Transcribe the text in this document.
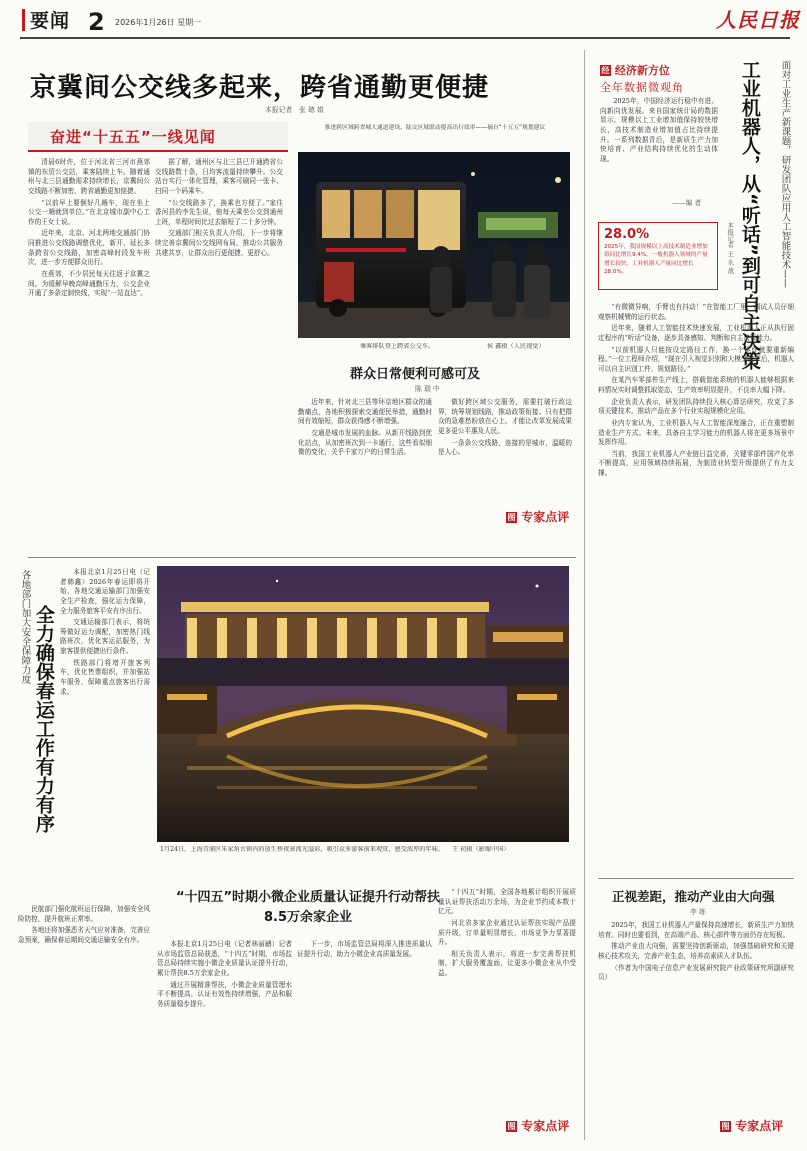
要闻 2 2026年1月26日 星期一	人民日报
京冀间公交线多起来，跨省通勤更便捷
本报记者　张 璁 娟
奋进“十五五”一线见闻

清晨6时许，位于河北省三河市燕郊镇的东贸公交站，乘客陆续上车。随着通州与北三县通勤需求持续增长，京冀间公交线路不断加密，跨省通勤更加便捷。

“以前早上要倒好几趟车，现在坐上公交一趟就到单位。”在北京城市副中心工作的王女士说。

近年来，北京、河北两地交通部门协同推进公交线路调整优化，新开、延长多条跨省公交线路，加密高峰时段发车班次，进一步方便群众出行。

在燕郊，不少居民每天往返于京冀之间。为缓解早晚高峰通勤压力，公交企业开通了多条定制快线，实现“一站直达”。

据了解，通州区与北三县已开通跨省公交线路数十条，日均客流量持续攀升。公交站台实行一体化管理，乘客可刷同一张卡、扫同一个码乘车。

“公交线路多了，换乘也方便了。”家住香河县的李先生说，他每天乘坐公交到通州上班，单程时间比过去缩短了二十多分钟。

交通部门相关负责人介绍，下一步将继续完善京冀间公交线网布局，推动公共服务共建共享，让群众出行更便捷、更舒心。

推进跨区域跨省城大通道建设，陆交区域联动提高出行效率——摘自“十五五”规划建议
乘客排队登上跨省公交车。	侯 鑫摄（人民视觉）
群众日常便利可感可及
陈 瑞 中

近年来，针对北三县等环京地区群众的通勤痛点，各地积极探索交通便民举措，通勤时间有效缩短，群众获得感不断增强。

交通是城市发展的血脉。从新开线路到优化站点，从加密班次到一卡通行，这些看似细微的变化，关乎千家万户的日常生活。

做好跨区域公交服务，需要打破行政边界，统筹规划线路，推动政策衔接。只有把群众的急难愁盼放在心上，才能让改革发展成果更多更公平惠及人民。

一条条公交线路，连接的是城市，温暖的是人心。

图 专家点评
经 经济新方位
全年数据微观角

2025年，中国经济运行稳中有进、向新向优发展。来自国家统计局的数据显示，规模以上工业增加值保持较快增长，高技术制造业增加值占比持续提升。一系列数据背后，是新质生产力加快培育、产业结构持续优化的生动体现。

——编 者
28.0%
2025年，我国规模以上高技术制造业增加值同比增长9.4%，一般机器人领域的产量增长较快，工业机器人产量同比增长28.0%。	工业机器人，从“听话”到可自主决策 面对工业生产新课题，研发团队应用人工智能技术——
本报记者 王 永 战

“有微微异响，手臂也有抖动！”在智能工厂里，调试人员仔细观察机械臂的运行状态。

近年来，随着人工智能技术快速发展，工业机器人正从执行固定程序的“听话”设备，逐步具备感知、判断和自主决策能力。

“以前机器人只能按设定路径工作，换一个零件就要重新编程。”一位工程师介绍，“现在引入视觉识别和大模型技术后，机器人可以自主识别工件、规划路径。”

在某汽车零部件生产线上，搭载智能系统的机器人能够根据来料情况实时调整抓取姿态，生产效率明显提升，不良率大幅下降。

企业负责人表示，研发团队持续投入核心算法研究，攻克了多项关键技术，推动产品在多个行业实现规模化应用。

业内专家认为，工业机器人与人工智能深度融合，正在重塑制造业生产方式。未来，具备自主学习能力的机器人将在更多场景中发挥作用。

当前，我国工业机器人产业链日益完善，关键零部件国产化率不断提高，应用领域持续拓展，为制造业转型升级提供了有力支撑。

正视差距，推动产业由大向强
李 练

2025年，我国工业机器人产量保持高速增长，新质生产力加快培育。同时也要看到，在高端产品、核心部件等方面仍存在短板。

推动产业由大向强，需要坚持创新驱动，加强基础研究和关键核心技术攻关，完善产业生态，培养高素质人才队伍。

（作者为中国电子信息产业发展研究院产业政策研究所副研究员）

图 专家点评
各地部门加大安全保障力度 全力确保春运工作有力有序

本报北京1月25日电（记者韩鑫）2026年春运即将开始，各地交通运输部门加强安全生产检查，强化运力保障，全力服务旅客平安有序出行。

交通运输部门表示，将统筹做好运力调配，加密热门线路班次，优化客运站服务，为旅客提供便捷出行条件。

铁路部门将增开旅客列车，优化售票组织，并加强站车服务，保障重点旅客出行需求。

民航部门强化航班运行保障，加强安全风险防控，提升航班正常率。

各地还将加强恶劣天气应对准备，完善应急预案，确保春运期间交通运输安全有序。

1月24日，上海青浦区朱家角古镇内的放生桥夜景流光溢彩，吸引众多游客前来观赏，感受浓厚的年味。 王 初摄（影像中国）
“十四五”时期小微企业质量认证提升行动帮扶8.5万余家企业

本报北京1月25日电（记者林丽鹂）记者从市场监管总局获悉，“十四五”时期，市场监管总局持续实施小微企业质量认证提升行动，累计帮扶8.5万余家企业。

通过开展精准帮扶，小微企业质量管理水平不断提高，认证有效性持续增强，产品和服务质量稳步提升。

下一步，市场监管总局将深入推进质量认证提升行动，助力小微企业高质量发展。

“十四五”时期，全国各地累计组织开展质量认证帮扶活动万余场，为企业节约成本数十亿元。

河北省多家企业通过认证帮扶实现产品提质升级，订单量明显增长，市场竞争力显著提升。

相关负责人表示，将进一步完善帮扶机制，扩大服务覆盖面，让更多小微企业从中受益。

图 专家点评
